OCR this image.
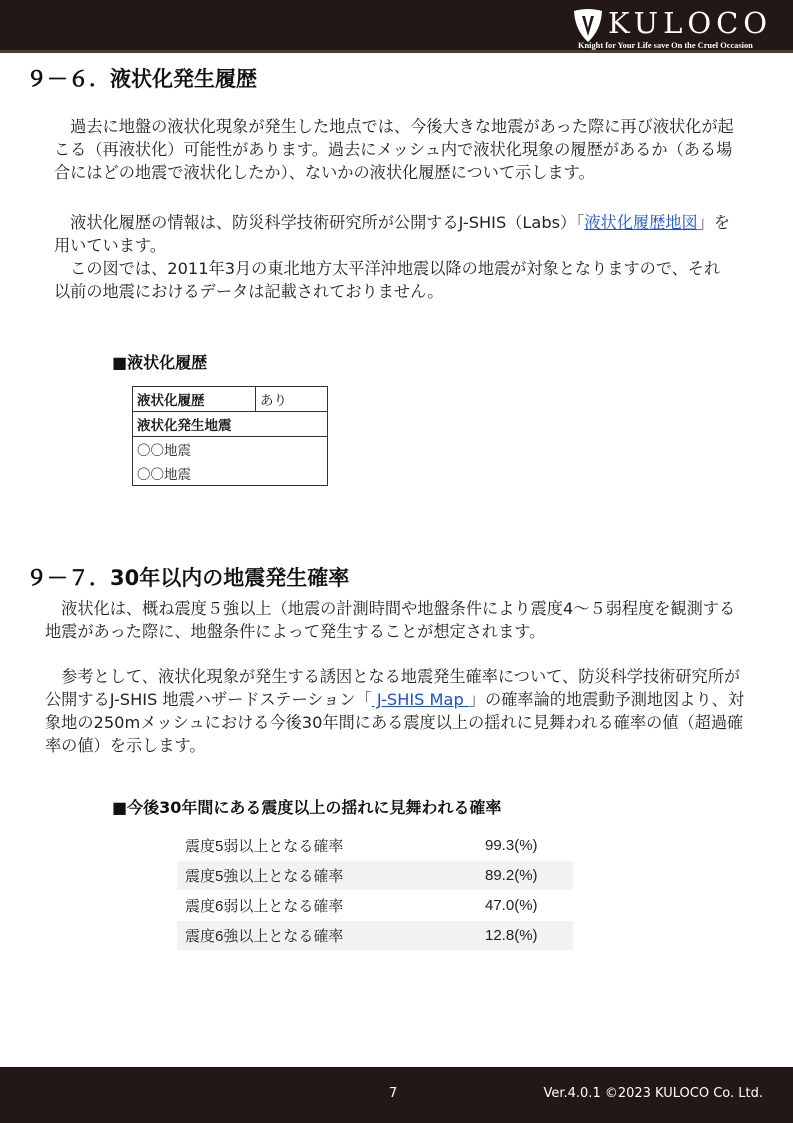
KULOCO
Knight for Your Life save On the Cruel Occasion
９－６．液状化発生履歴

　過去に地盤の液状化現象が発生した地点では、今後大きな地震があった際に再び液状化が起こる（再液状化）可能性があります。過去にメッシュ内で液状化現象の履歴があるか（ある場合にはどの地震で液状化したか）、ないかの液状化履歴について示します。

　液状化履歴の情報は、防災科学技術研究所が公開するJ-SHIS（Labs）「液状化履歴地図」を用いています。

　この図では、2011年3月の東北地方太平洋沖地震以降の地震が対象となりますので、それ以前の地震におけるデータは記載されておりません。

■液状化履歴
液状化履歴	あり
液状化発生地震
〇〇地震
〇〇地震
９－７．30年以内の地震発生確率

　液状化は、概ね震度５強以上（地震の計測時間や地盤条件により震度4～５弱程度を観測する地震があった際に、地盤条件によって発生することが想定されます。

　参考として、液状化現象が発生する誘因となる地震発生確率について、防災科学技術研究所が公開するJ-SHIS 地震ハザードステーション「 J-SHIS Map 」の確率論的地震動予測地図より、対象地の250mメッシュにおける今後30年間にある震度以上の揺れに見舞われる確率の値（超過確率の値）を示します。

■今後30年間にある震度以上の揺れに見舞われる確率
震度5弱以上となる確率	99.3(%)
震度5強以上となる確率	89.2(%)
震度6弱以上となる確率	47.0(%)
震度6強以上となる確率	12.8(%)
7	Ver.4.0.1 ©2023 KULOCO Co. Ltd.
